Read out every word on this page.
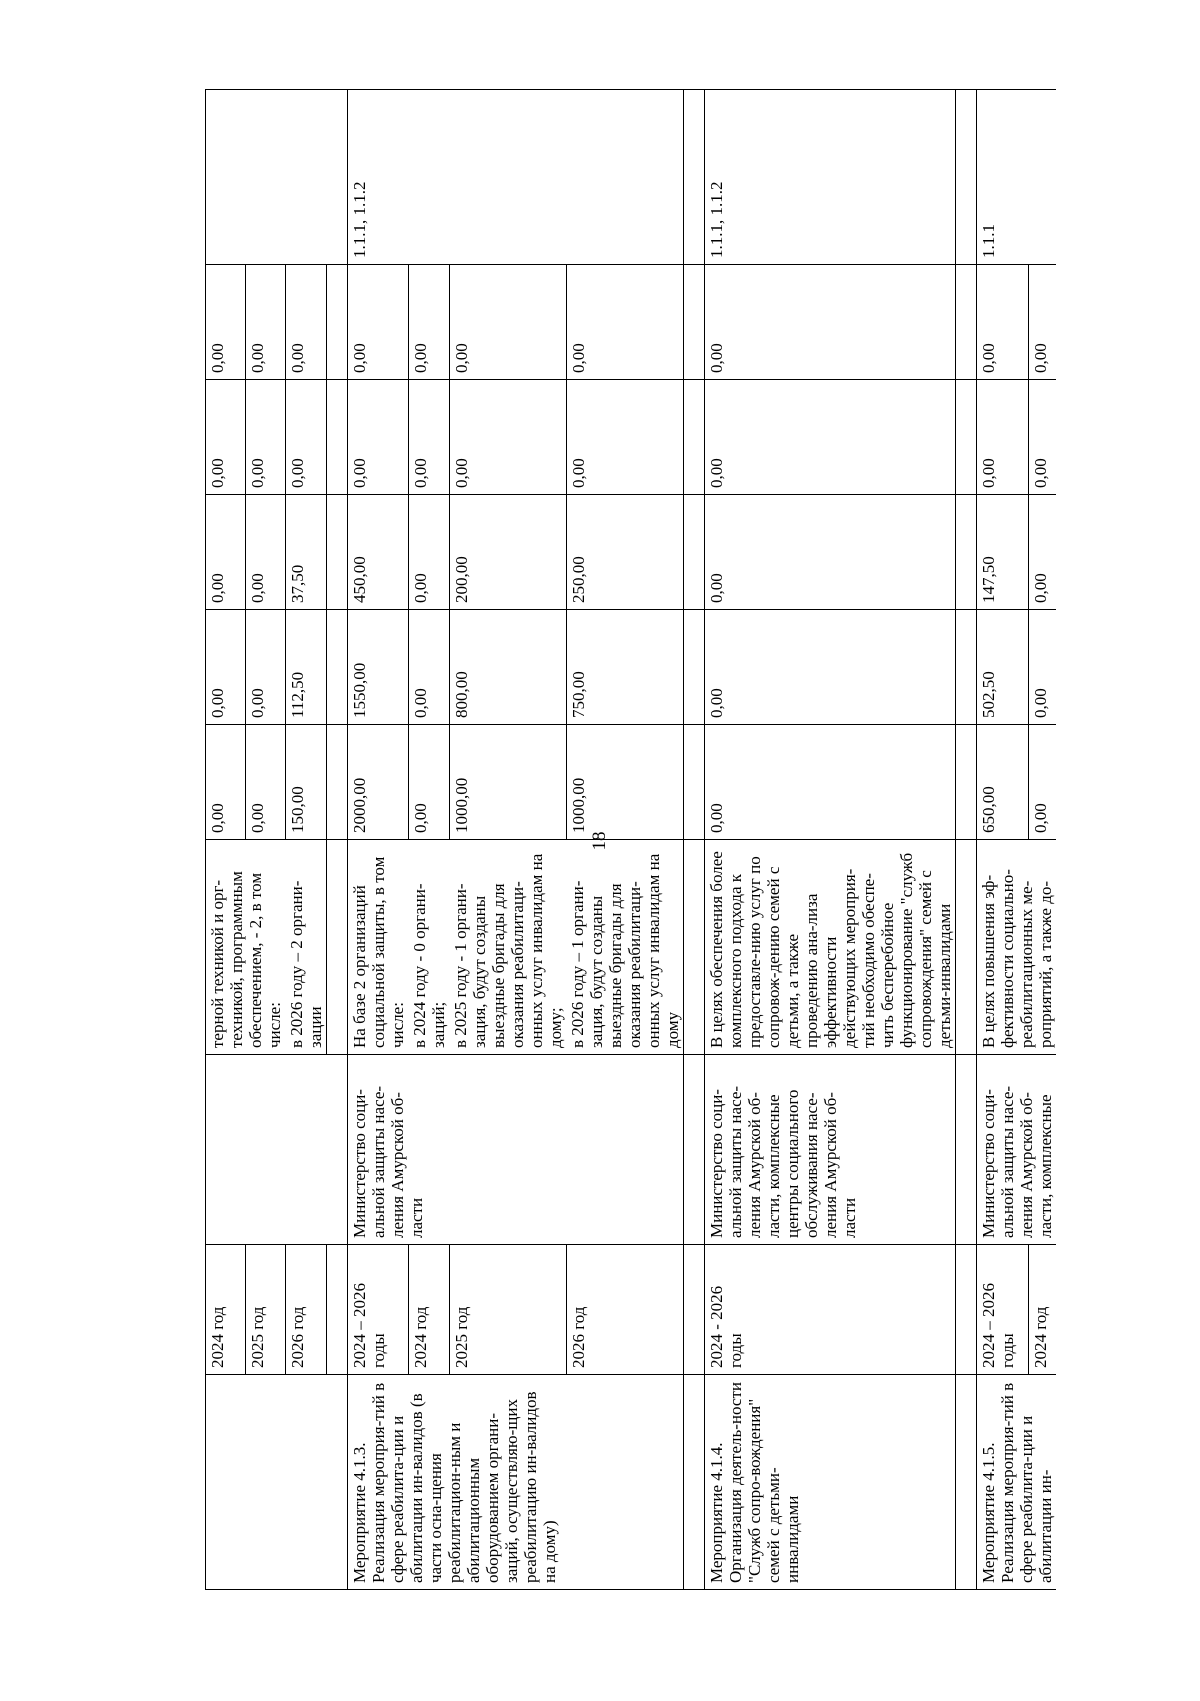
18
	2024 год		терной техникой и орг-техникой, программным обеспечением, - 2, в том числе:	0,00	0,00	0,00	0,00	0,00	
	2025 год			0,00	0,00	0,00	0,00	0,00	
	2026 год		в 2026 году – 2 органи-зации	150,00	112,50	37,50	0,00	0,00	

Мероприятие 4.1.3. Реализация мероприя-тий в сфере реабилита-ции и абилитации ин-валидов (в части осна-щения реабилитацион-ным и абилитационным оборудованием органи-заций, осуществляю-щих реабилитацию ин-валидов на дому)	2024 – 2026 годы	Министерство соци-альной защиты насе-ления Амурской об-ласти	На базе 2 организаций социальной защиты, в том числе:	2000,00	1550,00	450,00	0,00	0,00	1.1.1, 1.1.2
	2024 год		в 2024 году - 0 органи-заций;	0,00	0,00	0,00	0,00	0,00	
	2025 год		в 2025 году - 1 органи-зация, будут созданы выездные бригады для оказания реабилитаци-онных услуг инвалидам на дому;	1000,00	800,00	200,00	0,00	0,00	
	2026 год		в 2026 году – 1 органи-зация, будут созданы выездные бригады для оказания реабилитаци-онных услуг инвалидам на дому	1000,00	750,00	250,00	0,00	0,00	

Мероприятие 4.1.4. Организация деятель-ности "Служб сопро-вождения" семей с детьми-инвалидами	2024 - 2026 годы	Министерство соци-альной защиты насе-ления Амурской об-ласти, комплексные центры социального обслуживания насе-ления Амурской об-ласти	В целях обеспечения более комплексного подхода к предоставле-нию услуг по сопровож-дению семей с детьми, а также проведению ана-лиза эффективности действующих мероприя-тий необходимо обеспе-чить бесперебойное функционирование "служб сопровождения" семей с детьми-инвалидами	0,00	0,00	0,00	0,00	0,00	1.1.1, 1.1.2

Мероприятие 4.1.5. Реализация мероприя-тий в сфере реабилита-ции и абилитации ин-	2024 – 2026 годы	Министерство соци-альной защиты насе-ления Амурской об-ласти, комплексные	В целях повышения эф-фективности социально-реабилитационных ме-роприятий, а также до-	650,00	502,50	147,50	0,00	0,00	1.1.1
	2024 год			0,00	0,00	0,00	0,00	0,00	
